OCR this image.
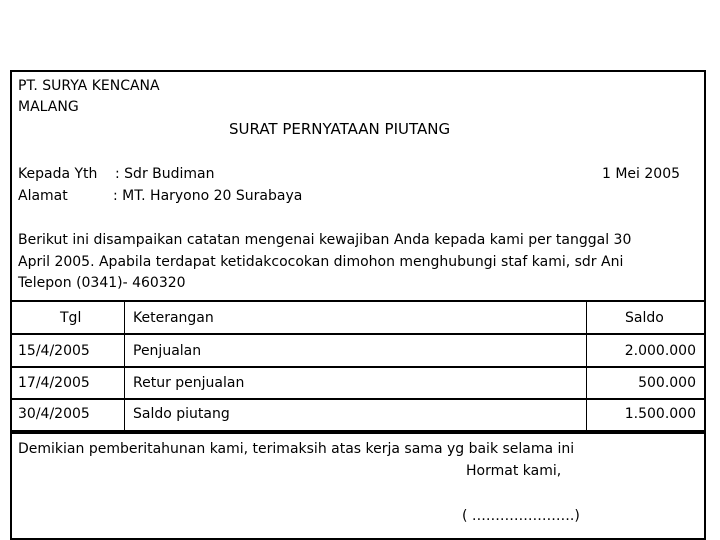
PT. SURYA KENCANA
MALANG
SURAT PERNYATAAN PIUTANG
Kepada Yth : Sdr Budiman
Alamat	: MT. Haryono 20 Surabaya
1 Mei 2005
Berikut ini disampaikan catatan mengenai kewajiban Anda kepada kami per tanggal 30
April 2005. Apabila terdapat ketidakcocokan dimohon menghubungi staf kami, sdr Ani
Telepon (0341)- 460320
Tgl	Keterangan	Saldo
15/4/2005	Penjualan	2.000.000
17/4/2005	Retur penjualan	500.000
30/4/2005	Saldo piutang	1.500.000
Demikian pemberitahunan kami, terimaksih atas kerja sama yg baik selama ini
Hormat kami,
( ………………….)
